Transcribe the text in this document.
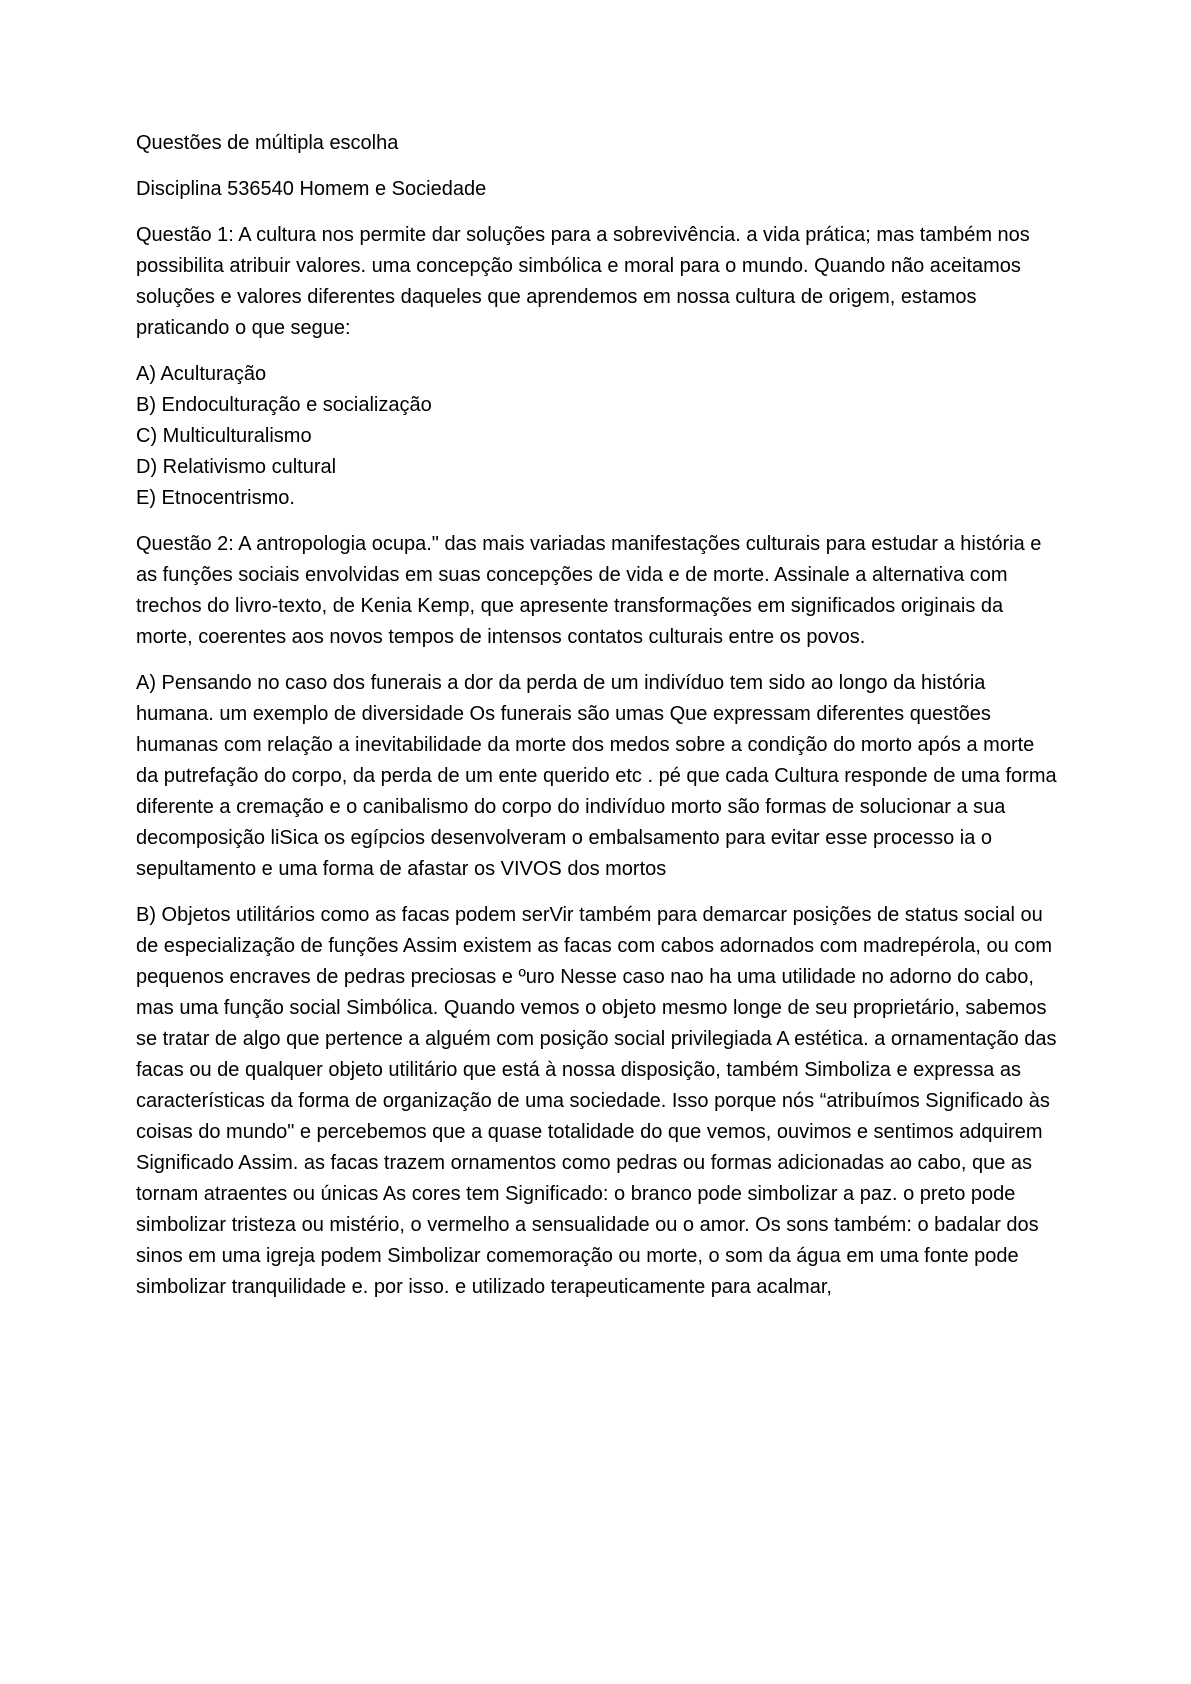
Questões de múltipla escolha

Disciplina 536540 Homem e Sociedade

Questão 1: A cultura nos permite dar soluções para a sobrevivência. a vida prática; mas também nos possibilita atribuir valores. uma concepção simbólica e moral para o mundo. Quando não aceitamos soluções e valores diferentes daqueles que aprendemos em nossa cultura de origem, estamos praticando o que segue:

A) Aculturação

B) Endoculturação e socialização

C) Multiculturalismo

D) Relativismo cultural

E) Etnocentrismo.

Questão 2: A antropologia ocupa." das mais variadas manifestações culturais para estudar a história e as funções sociais envolvidas em suas concepções de vida e de morte. Assinale a alternativa com trechos do livro-texto, de Kenia Kemp, que apresente transformações em significados originais da morte, coerentes aos novos tempos de intensos contatos culturais entre os povos.

A) Pensando no caso dos funerais a dor da perda de um indivíduo tem sido ao longo da história humana. um exemplo de diversidade Os funerais são umas Que expressam diferentes questões humanas com relação a inevitabilidade da morte dos medos sobre a condição do morto após a morte da putrefação do corpo, da perda de um ente querido etc . pé que cada Cultura responde de uma forma diferente a cremação e o canibalismo do corpo do indivíduo morto são formas de solucionar a sua decomposição liSica os egípcios desenvolveram o embalsamento para evitar esse processo ia o sepultamento e uma forma de afastar os VIVOS dos mortos

B) Objetos utilitários como as facas podem serVir também para demarcar posições de status social ou de especialização de funções Assim existem as facas com cabos adornados com madrepérola, ou com pequenos encraves de pedras preciosas e ºuro Nesse caso nao ha uma utilidade no adorno do cabo, mas uma função social Simbólica. Quando vemos o objeto mesmo longe de seu proprietário, sabemos se tratar de algo que pertence a alguém com posição social privilegiada A estética. a ornamentação das facas ou de qualquer objeto utilitário que está à nossa disposição, também Simboliza e expressa as características da forma de organização de uma sociedade. Isso porque nós “atribuímos Significado às coisas do mundo" e percebemos que a quase totalidade do que vemos, ouvimos e sentimos adquirem Significado Assim. as facas trazem ornamentos como pedras ou formas adicionadas ao cabo, que as tornam atraentes ou únicas As cores tem Significado: o branco pode simbolizar a paz. o preto pode simbolizar tristeza ou mistério, o vermelho a sensualidade ou o amor. Os sons também: o badalar dos sinos em uma igreja podem Simbolizar comemoração ou morte, o som da água em uma fonte pode simbolizar tranquilidade e. por isso. e utilizado terapeuticamente para acalmar,
